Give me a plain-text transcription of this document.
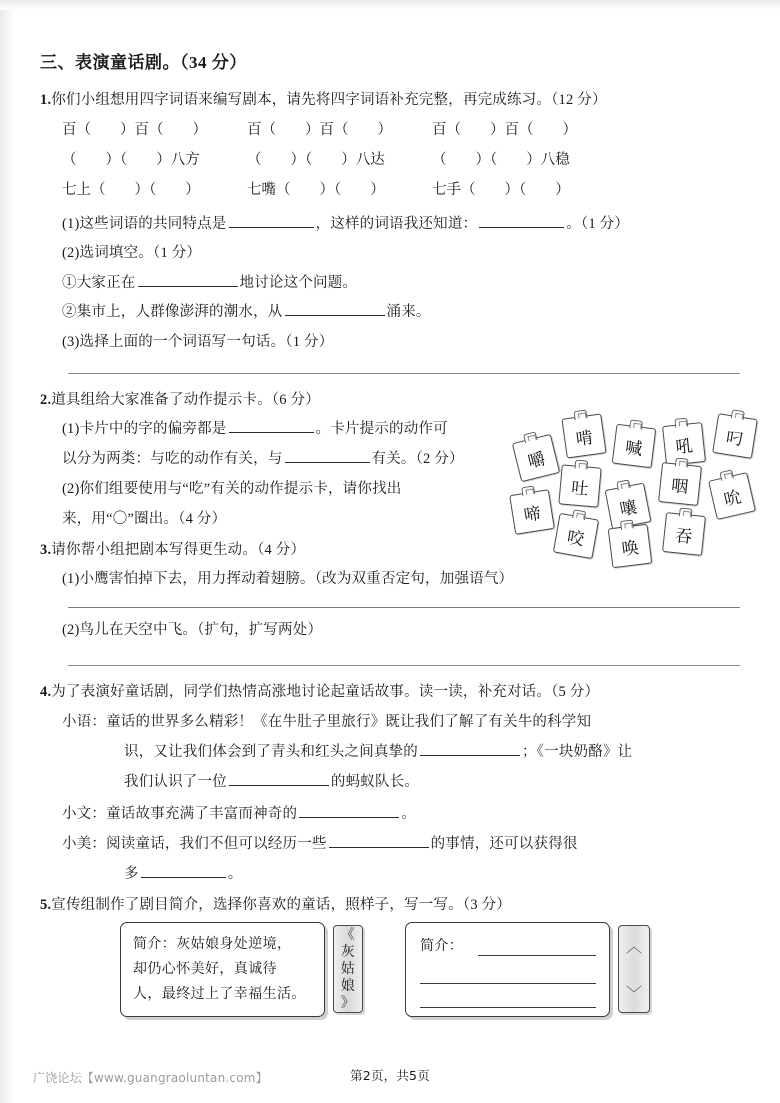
三、表演童话剧。（34 分）
1.你们小组想用四字词语来编写剧本，请先将四字词语补充完整，再完成练习。（12 分）
百（　　）百（　　）	百（　　）百（　　）	百（　　）百（　　）
（　　）（　　）八方	（　　）（　　）八达	（　　）（　　）八稳
七上（　　）（　　）	七嘴（　　）（　　）	七手（　　）（　　）
(1)这些词语的共同特点是	，这样的词语我还知道：	。（1 分）
(2)选词填空。（1 分）
①大家正在	地讨论这个问题。
②集市上，人群像澎湃的潮水，从	涌来。
(3)选择上面的一个词语写一句话。（1 分）
2.道具组给大家准备了动作提示卡。（6 分）
(1)卡片中的字的偏旁都是	。卡片提示的动作可
以分为两类：与吃的动作有关，与	有关。（2 分）
(2)你们组要使用与“吃”有关的动作提示卡，请你找出
来，用“〇”圈出。（4 分）
嚼
啃 喊 吼 叼
啼
吐
嚷
咽
吮
咬 唤
吞
3.请你帮小组把剧本写得更生动。（4 分）
(1)小鹰害怕掉下去，用力挥动着翅膀。（改为双重否定句，加强语气）
(2)鸟儿在天空中飞。（扩句，扩写两处）
4.为了表演好童话剧，同学们热情高涨地讨论起童话故事。读一读，补充对话。（5 分）
小语：童话的世界多么精彩！《在牛肚子里旅行》既让我们了解了有关牛的科学知
识，又让我们体会到了青头和红头之间真挚的	；《一块奶酪》让
我们认识了一位	的蚂蚁队长。
小文：童话故事充满了丰富而神奇的	。
小美：阅读童话，我们不但可以经历一些	的事情，还可以获得很
多	。
5.宣传组制作了剧目简介，选择你喜欢的童话，照样子，写一写。（3 分）
简介：灰姑娘身处逆境，
却仍心怀美好，真诚待
人，最终过上了幸福生活。
《
灰
姑
娘
》
简介：	︿
﹀
广饶论坛【www.guangraoluntan.com】	第2页，共5页
